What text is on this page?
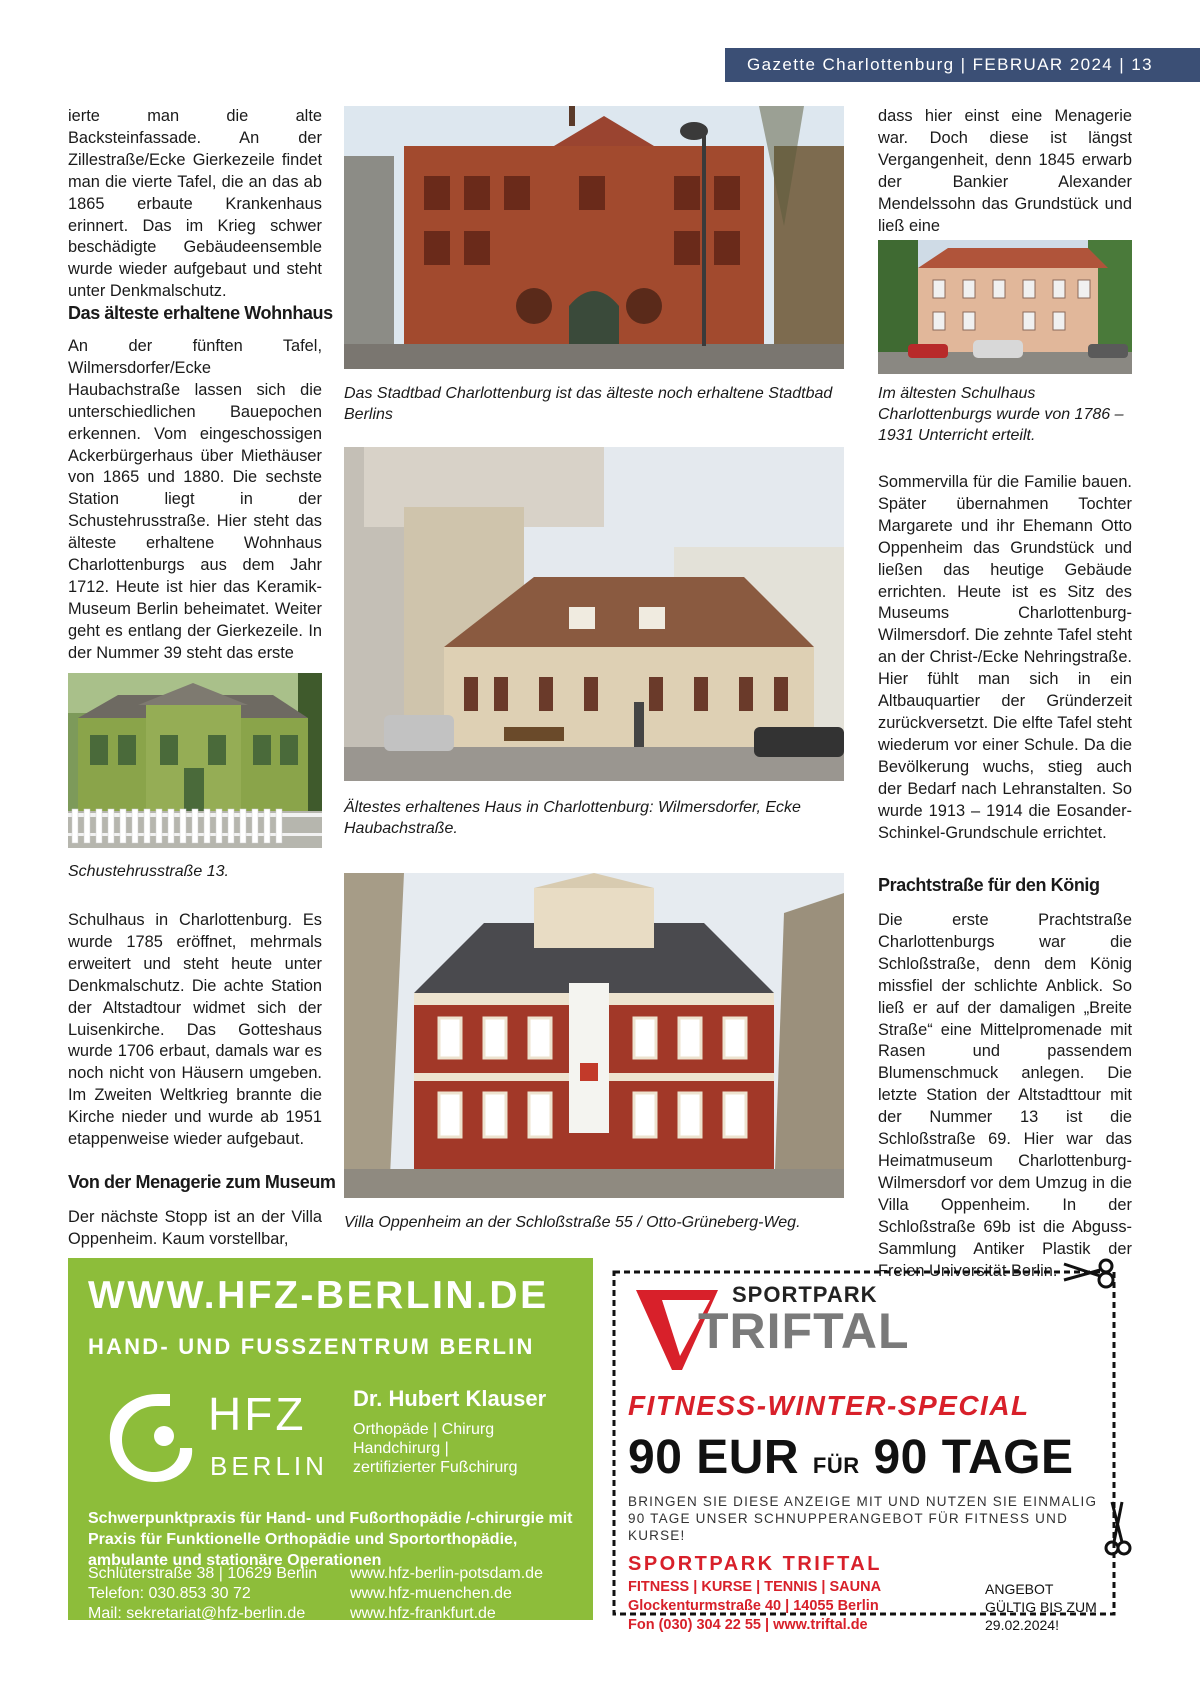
Gazette Charlottenburg | FEBRUAR 2024 | 13

ierte man die alte Backsteinfassade. An der Zillestraße/Ecke Gierkezeile findet man die vierte Tafel, die an das ab 1865 erbaute Krankenhaus erinnert. Das im Krieg schwer beschädigte Gebäudeensemble wurde wieder aufgebaut und steht unter Denkmalschutz.

Das älteste erhaltene Wohnhaus

An der fünften Tafel, Wilmersdorfer/Ecke Haubachstraße lassen sich die unterschiedlichen Bauepochen erkennen. Vom eingeschossigen Ackerbürgerhaus über Miethäuser von 1865 und 1880. Die sechste Station liegt in der Schustehrusstraße. Hier steht das älteste erhaltene Wohnhaus Charlottenburgs aus dem Jahr 1712. Heute ist hier das Keramik-Museum Berlin beheimatet. Weiter geht es entlang der Gierkezeile. In der Nummer 39 steht das erste

Schustehrusstraße 13.

Schulhaus in Charlottenburg. Es wurde 1785 eröffnet, mehrmals erweitert und steht heute unter Denkmalschutz. Die achte Station der Altstadtour widmet sich der Luisenkirche. Das Gotteshaus wurde 1706 erbaut, damals war es noch nicht von Häusern umgeben. Im Zweiten Weltkrieg brannte die Kirche nieder und wurde ab 1951 etappenweise wieder aufgebaut.

Von der Menagerie zum Museum

Der nächste Stopp ist an der Villa Oppenheim. Kaum vorstellbar,

Das Stadtbad Charlottenburg ist das älteste noch erhaltene Stadtbad Berlins
Ältestes erhaltenes Haus in Charlottenburg: Wilmersdorfer, Ecke Haubachstraße.
Villa Oppenheim an der Schloßstraße 55 / Otto-Grüneberg-Weg.

dass hier einst eine Menagerie war. Doch diese ist längst Vergangenheit, denn 1845 erwarb der Bankier Alexander Mendelssohn das Grundstück und ließ eine

Im ältesten Schulhaus Charlottenburgs wurde von 1786 – 1931 Unterricht erteilt.

Sommervilla für die Familie bauen. Später übernahmen Tochter Margarete und ihr Ehemann Otto Oppenheim das Grundstück und ließen das heutige Gebäude errichten. Heute ist es Sitz des Museums Charlottenburg-Wilmersdorf. Die zehnte Tafel steht an der Christ-/Ecke Nehringstraße. Hier fühlt man sich in ein Altbauquartier der Gründerzeit zurückversetzt. Die elfte Tafel steht wiederum vor einer Schule. Da die Bevölkerung wuchs, stieg auch der Bedarf nach Lehranstalten. So wurde 1913 – 1914 die Eosander-Schinkel-Grundschule errichtet.

Prachtstraße für den König

Die erste Prachtstraße Charlottenburgs war die Schloßstraße, denn dem König missfiel der schlichte Anblick. So ließ er auf der damaligen „Breite Straße“ eine Mittelpromenade mit Rasen und passendem Blumenschmuck anlegen. Die letzte Station der Altstadttour mit der Nummer 13 ist die Schloßstraße 69. Hier war das Heimatmuseum Charlottenburg-Wilmersdorf vor dem Umzug in die Villa Oppenheim. In der Schloßstraße 69b ist die Abguss-Sammlung Antiker Plastik der Freien Universität Berlin.

WWW.HFZ-BERLIN.DE
HAND- UND FUSSZENTRUM BERLIN
HFZ
BERLIN
Dr. Hubert Klauser
Orthopäde | Chirurg
Handchirurg |
zertifizierter Fußchirurg
Schwerpunktpraxis für Hand- und Fußorthopädie /-chirurgie mit Praxis für Funktionelle Orthopädie und Sportorthopädie, ambulante und stationäre Operationen
Schlüterstraße 38 | 10629 Berlin
Telefon: 030.853 30 72
Mail: sekretariat@hfz-berlin.de
www.hfz-berlin-potsdam.de
www.hfz-muenchen.de
www.hfz-frankfurt.de
SPORTPARK
TRIFTAL
FITNESS-WINTER-SPECIAL
90 EUR FÜR 90 TAGE
BRINGEN SIE DIESE ANZEIGE MIT UND NUTZEN SIE EINMALIG 90 TAGE UNSER SCHNUPPERANGEBOT FÜR FITNESS UND KURSE!
SPORTPARK TRIFTAL
FITNESS | KURSE | TENNIS | SAUNA
Glockenturmstraße 40 | 14055 Berlin
Fon (030) 304 22 55 | www.triftal.de
ANGEBOT
GÜLTIG BIS ZUM
29.02.2024!
